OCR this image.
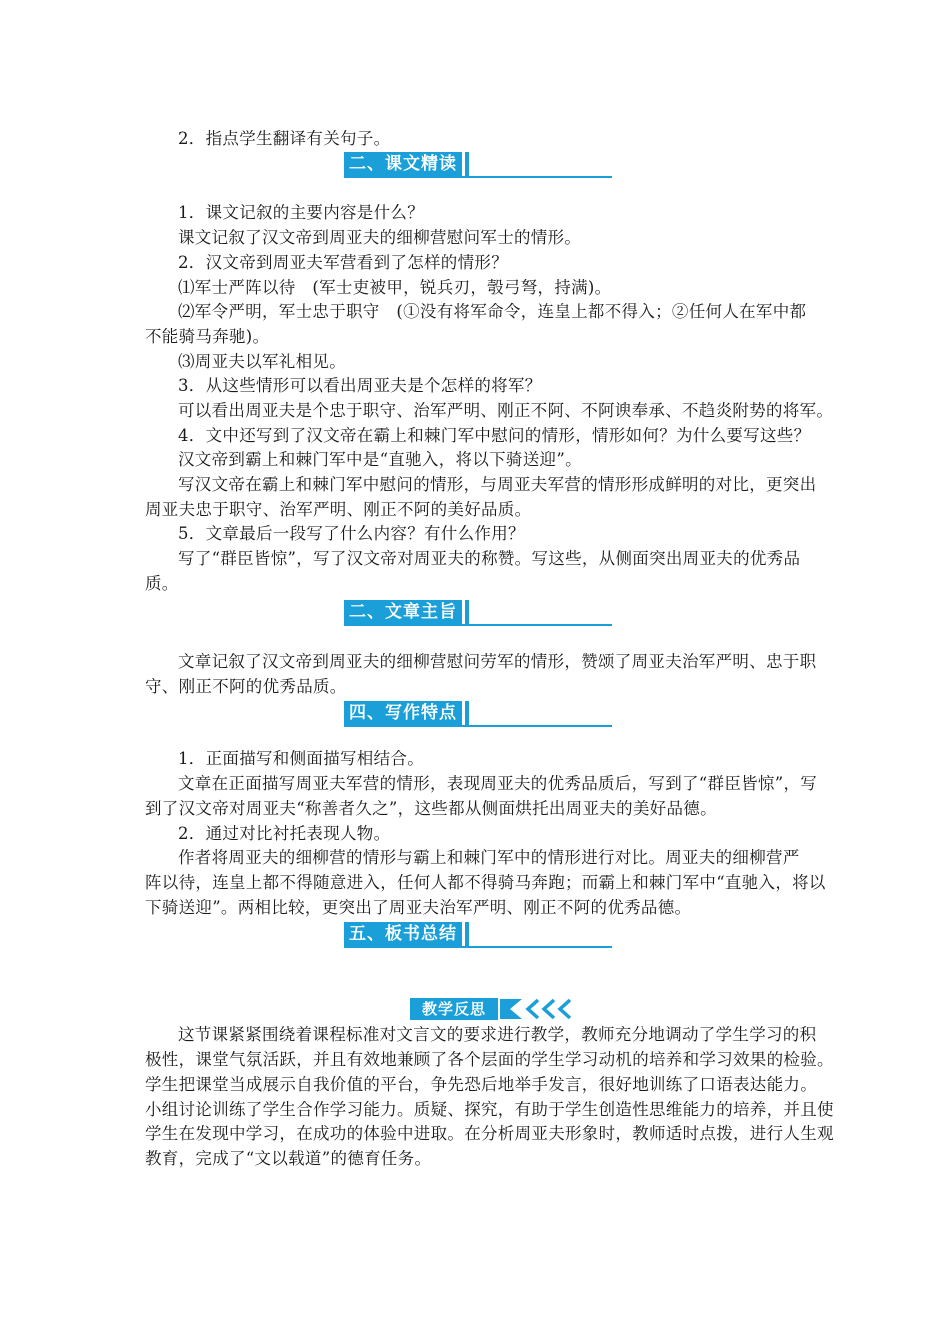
2．指点学生翻译有关句子。
二、课文精读
1．课文记叙的主要内容是什么？
课文记叙了汉文帝到周亚夫的细柳营慰问军士的情形。
2．汉文帝到周亚夫军营看到了怎样的情形？
⑴军士严阵以待　(军士吏被甲，锐兵刃，彀弓弩，持满)。
⑵军令严明，军士忠于职守　(①没有将军命令，连皇上都不得入；②任何人在军中都
不能骑马奔驰)。
⑶周亚夫以军礼相见。
3．从这些情形可以看出周亚夫是个怎样的将军？
可以看出周亚夫是个忠于职守、治军严明、刚正不阿、不阿谀奉承、不趋炎附势的将军。
4．文中还写到了汉文帝在霸上和棘门军中慰问的情形，情形如何？为什么要写这些？
汉文帝到霸上和棘门军中是“直驰入，将以下骑送迎”。
写汉文帝在霸上和棘门军中慰问的情形，与周亚夫军营的情形形成鲜明的对比，更突出
周亚夫忠于职守、治军严明、刚正不阿的美好品质。
5．文章最后一段写了什么内容？有什么作用？
写了“群臣皆惊”，写了汉文帝对周亚夫的称赞。写这些，从侧面突出周亚夫的优秀品
质。
二、文章主旨
文章记叙了汉文帝到周亚夫的细柳营慰问劳军的情形，赞颂了周亚夫治军严明、忠于职
守、刚正不阿的优秀品质。
四、写作特点
1．正面描写和侧面描写相结合。
文章在正面描写周亚夫军营的情形，表现周亚夫的优秀品质后，写到了“群臣皆惊”，写
到了汉文帝对周亚夫“称善者久之”，这些都从侧面烘托出周亚夫的美好品德。
2．通过对比衬托表现人物。
作者将周亚夫的细柳营的情形与霸上和棘门军中的情形进行对比。周亚夫的细柳营严
阵以待，连皇上都不得随意进入，任何人都不得骑马奔跑；而霸上和棘门军中“直驰入，将以
下骑送迎”。两相比较，更突出了周亚夫治军严明、刚正不阿的优秀品德。
五、板书总结
教学反思
这节课紧紧围绕着课程标准对文言文的要求进行教学，教师充分地调动了学生学习的积
极性，课堂气氛活跃，并且有效地兼顾了各个层面的学生学习动机的培养和学习效果的检验。
学生把课堂当成展示自我价值的平台，争先恐后地举手发言，很好地训练了口语表达能力。
小组讨论训练了学生合作学习能力。质疑、探究，有助于学生创造性思维能力的培养，并且使
学生在发现中学习，在成功的体验中进取。在分析周亚夫形象时，教师适时点拨，进行人生观
教育，完成了“文以载道”的德育任务。
